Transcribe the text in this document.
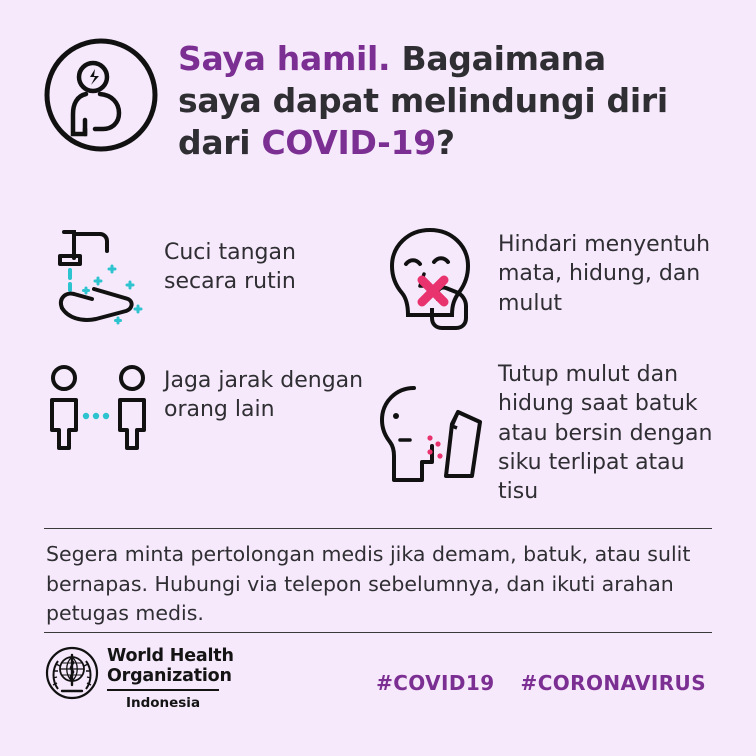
Saya hamil. Bagaimana
saya dapat melindungi diri
dari COVID-19?
Cuci tangan secara rutin
Hindari menyentuh mata, hidung, dan mulut
Jaga jarak dengan orang lain
Tutup mulut dan hidung saat batuk atau bersin dengan siku terlipat atau tisu
Segera minta pertolongan medis jika demam, batuk, atau sulit bernapas. Hubungi via telepon sebelumnya, dan ikuti arahan petugas medis.
World Health
Organization
Indonesia
#COVID19 #CORONAVIRUS
